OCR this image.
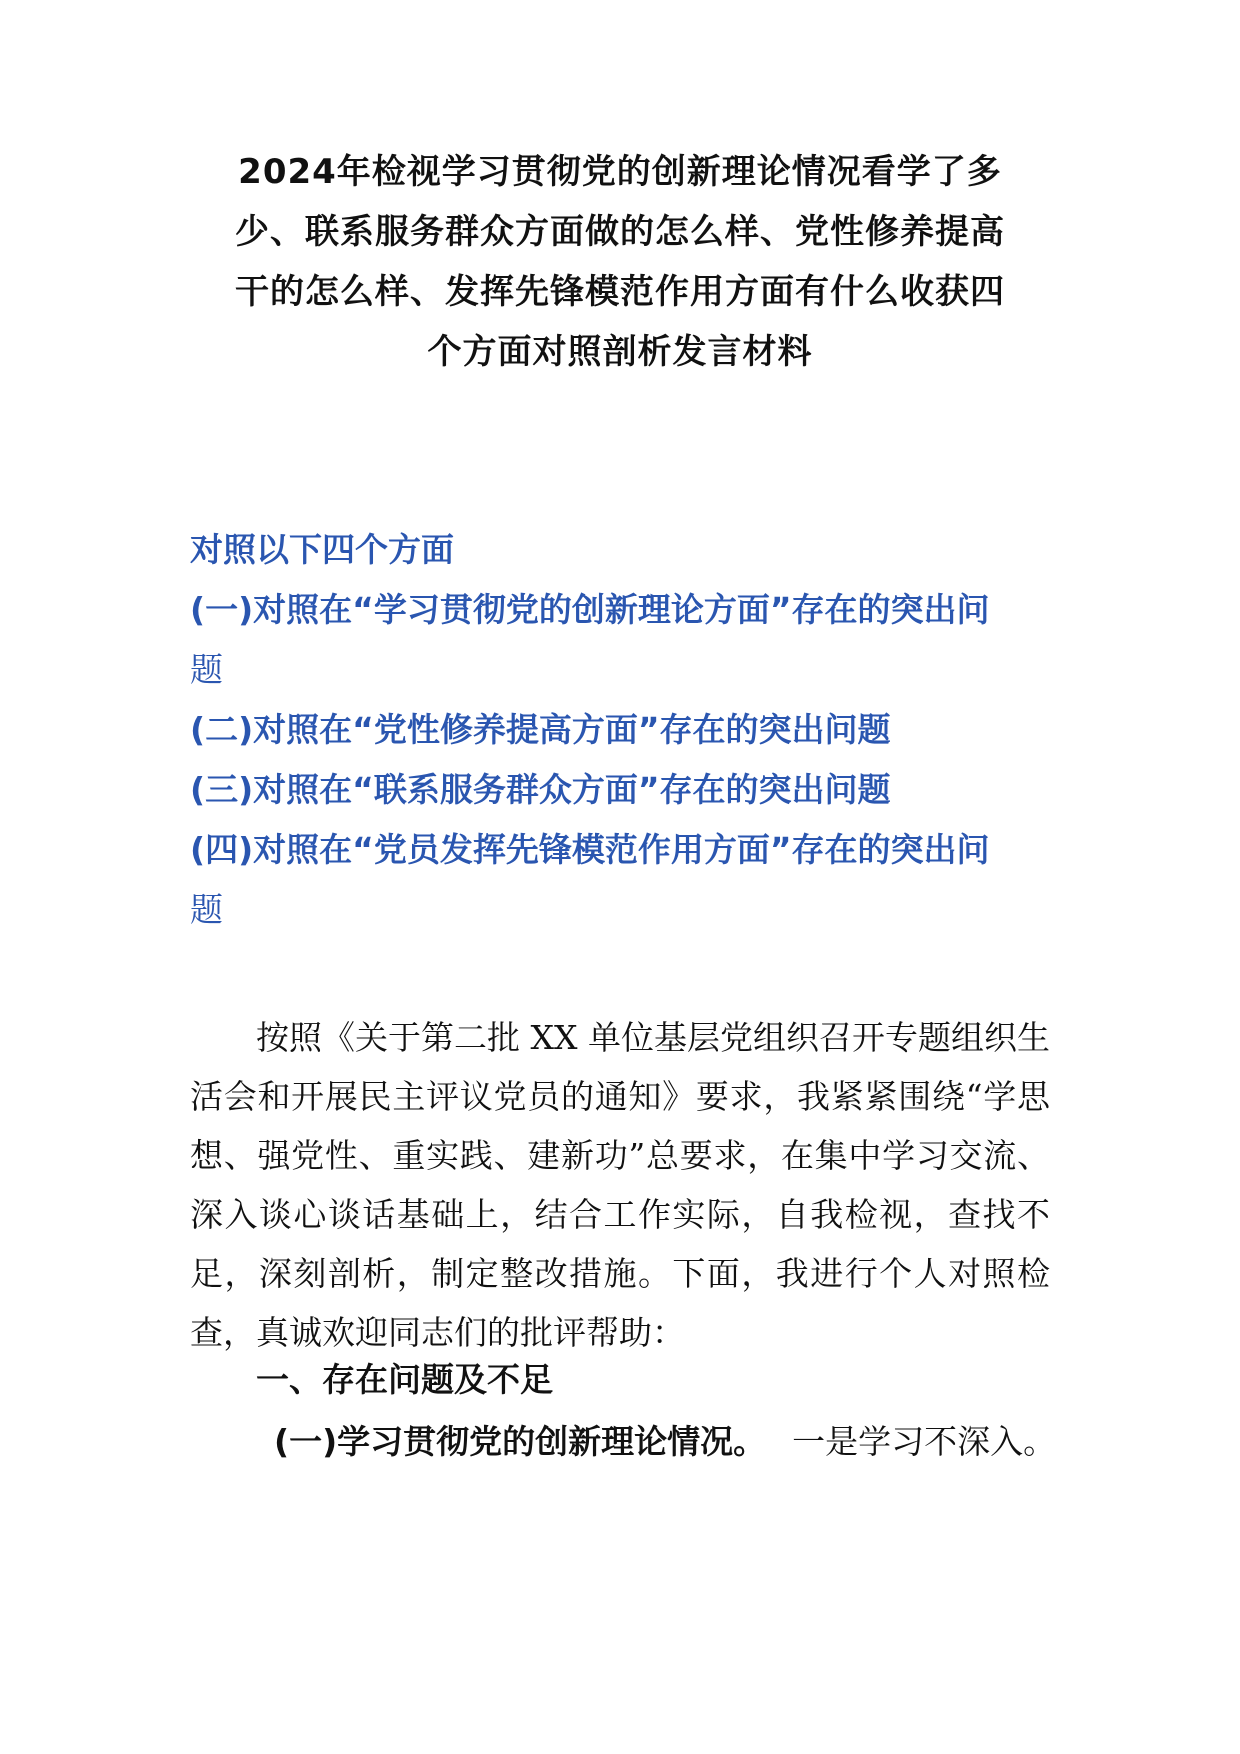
2024年检视学习贯彻党的创新理论情况看学了多
少、联系服务群众方面做的怎么样、党性修养提高
干的怎么样、发挥先锋模范作用方面有什么收获四
个方面对照剖析发言材料
对照以下四个方面
(一)对照在“学习贯彻党的创新理论方面”存在的突出问
题
(二)对照在“党性修养提高方面”存在的突出问题
(三)对照在“联系服务群众方面”存在的突出问题
(四)对照在“党员发挥先锋模范作用方面”存在的突出问
题

按照《关于第二批 XX 单位基层党组织召开专题组织生活会和开展民主评议党员的通知》要求，我紧紧围绕“学思想、强党性、重实践、建新功”总要求，在集中学习交流、深入谈心谈话基础上，结合工作实际，自我检视，查找不足，深刻剖析，制定整改措施。下面，我进行个人对照检查，真诚欢迎同志们的批评帮助：

一、存在问题及不足

(一)学习贯彻党的创新理论情况。 一是学习不深入。
